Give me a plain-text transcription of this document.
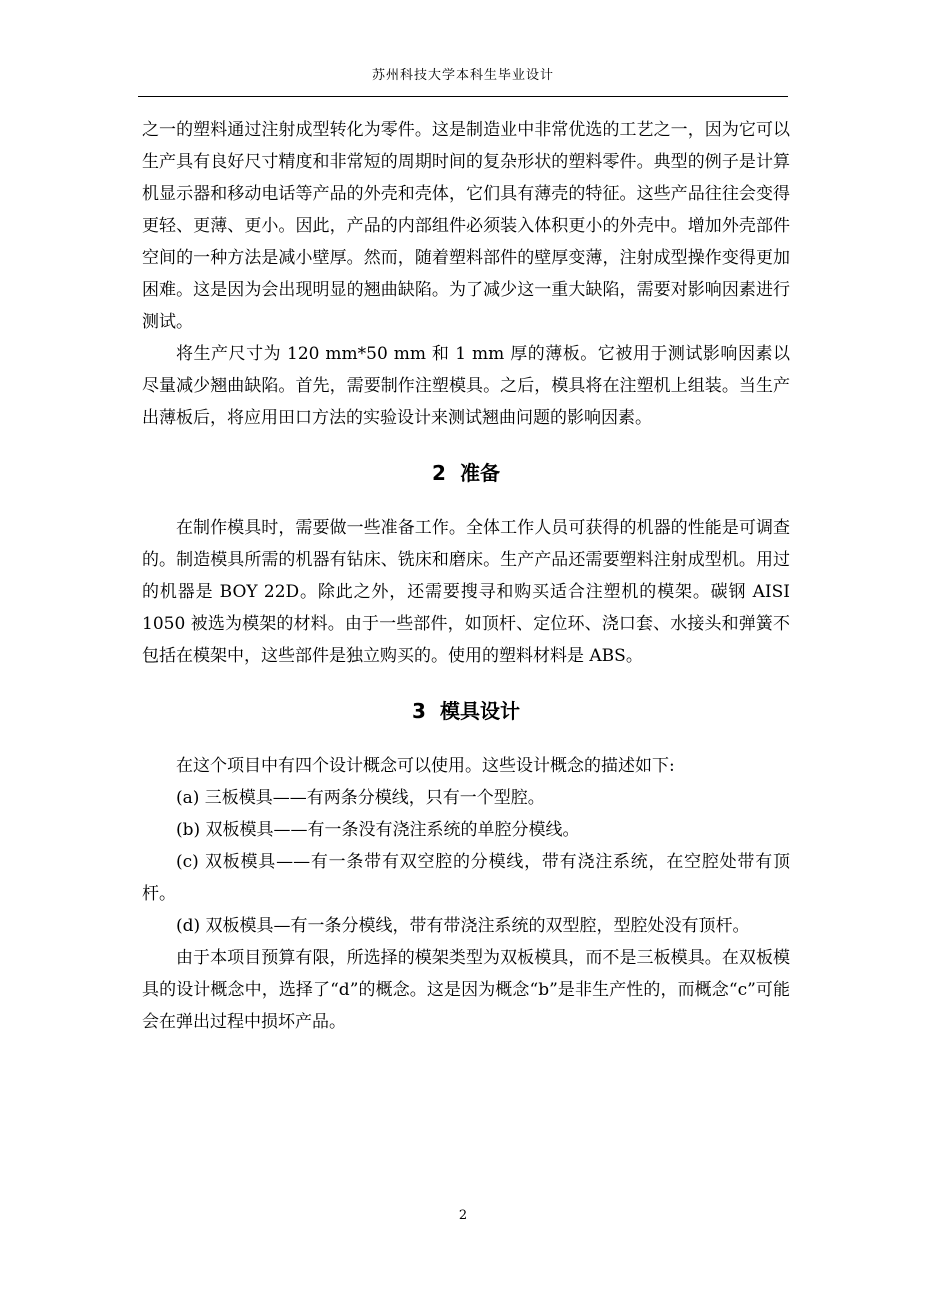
苏州科技大学本科生毕业设计

之一的塑料通过注射成型转化为零件。这是制造业中非常优选的工艺之一，因为它可以生产具有良好尺寸精度和非常短的周期时间的复杂形状的塑料零件。典型的例子是计算机显示器和移动电话等产品的外壳和壳体，它们具有薄壳的特征。这些产品往往会变得更轻、更薄、更小。因此，产品的内部组件必须装入体积更小的外壳中。增加外壳部件空间的一种方法是减小壁厚。然而，随着塑料部件的壁厚变薄，注射成型操作变得更加困难。这是因为会出现明显的翘曲缺陷。为了减少这一重大缺陷，需要对影响因素进行测试。

将生产尺寸为 120 mm*50 mm 和 1 mm 厚的薄板。它被用于测试影响因素以尽量减少翘曲缺陷。首先，需要制作注塑模具。之后，模具将在注塑机上组装。当生产出薄板后，将应用田口方法的实验设计来测试翘曲问题的影响因素。

2 准备

在制作模具时，需要做一些准备工作。全体工作人员可获得的机器的性能是可调查的。制造模具所需的机器有钻床、铣床和磨床。生产产品还需要塑料注射成型机。用过的机器是 BOY 22D。除此之外，还需要搜寻和购买适合注塑机的模架。碳钢 AISI 1050 被选为模架的材料。由于一些部件，如顶杆、定位环、浇口套、水接头和弹簧不包括在模架中，这些部件是独立购买的。使用的塑料材料是 ABS。

3 模具设计

在这个项目中有四个设计概念可以使用。这些设计概念的描述如下:

(a) 三板模具——有两条分模线，只有一个型腔。

(b) 双板模具——有一条没有浇注系统的单腔分模线。

(c) 双板模具——有一条带有双空腔的分模线，带有浇注系统，在空腔处带有顶杆。

(d) 双板模具—有一条分模线，带有带浇注系统的双型腔，型腔处没有顶杆。

由于本项目预算有限，所选择的模架类型为双板模具，而不是三板模具。在双板模具的设计概念中，选择了“d”的概念。这是因为概念“b”是非生产性的，而概念“c”可能会在弹出过程中损坏产品。

2
